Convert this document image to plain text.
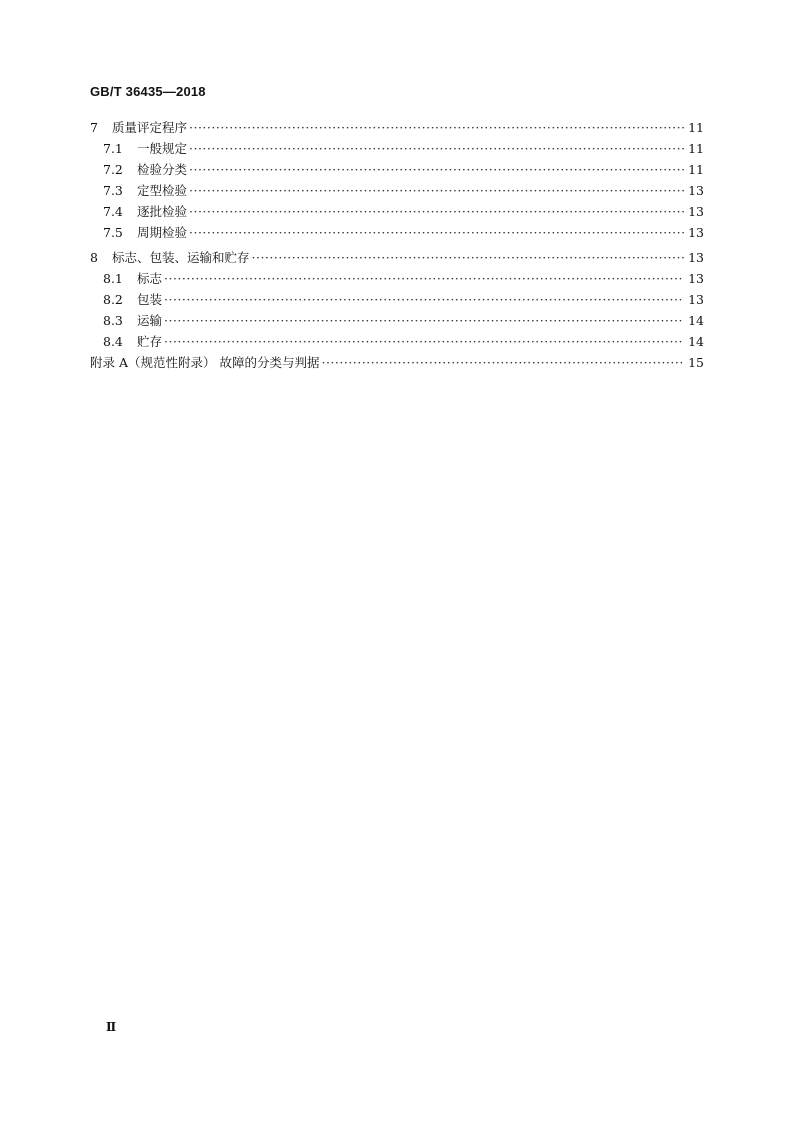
GB/T 36435—2018
7	质量评定程序 ·····	11
7.1	一般规定 ·····	11
7.2	检验分类 ·····	11
7.3	定型检验 ·····	13
7.4	逐批检验 ·····	13
7.5	周期检验 ·····	13
8	标志、包装、运输和贮存 ·····	13
8.1	标志 ·····	13
8.2	包装 ·····	13
8.3	运输 ·····	14
8.4	贮存 ·····	14
附录 A（规范性附录） 故障的分类与判据 ·····	15
Ⅱ
